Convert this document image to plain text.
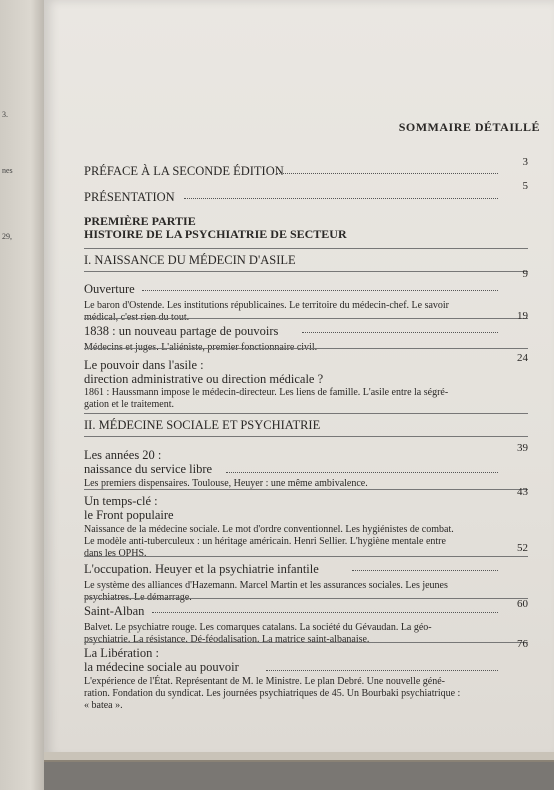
3.
nes
29,
SOMMAIRE DÉTAILLÉ
PRÉFACE À LA SECONDE ÉDITION
3
PRÉSENTATION
5
PREMIÈRE PARTIE
HISTOIRE DE LA PSYCHIATRIE DE SECTEUR
I. NAISSANCE DU MÉDECIN D'ASILE
Ouverture
9
Le baron d'Ostende. Les institutions républicaines. Le territoire du médecin-chef. Le savoir
médical, c'est rien du tout.
1838 : un nouveau partage de pouvoirs
19
Médecins et juges. L'aliéniste, premier fonctionnaire civil.
Le pouvoir dans l'asile :
direction administrative ou direction médicale ?
24
1861 : Haussmann impose le médecin-directeur. Les liens de famille. L'asile entre la ségré-
gation et le traitement.
II. MÉDECINE SOCIALE ET PSYCHIATRIE
Les années 20 :
naissance du service libre
39
Les premiers dispensaires. Toulouse, Heuyer : une même ambivalence.
Un temps-clé :
le Front populaire
43
Naissance de la médecine sociale. Le mot d'ordre conventionnel. Les hygiénistes de combat.
Le modèle anti-tuberculeux : un héritage américain. Henri Sellier. L'hygiène mentale entre
dans les OPHS.
L'occupation. Heuyer et la psychiatrie infantile
52
Le système des alliances d'Hazemann. Marcel Martin et les assurances sociales. Les jeunes
psychiatres. Le démarrage.
Saint-Alban	60
Balvet. Le psychiatre rouge. Les comarques catalans. La société du Gévaudan. La géo-
psychiatrie. La résistance. Dé-féodalisation. La matrice saint-albanaise.
La Libération :
la médecine sociale au pouvoir
76
L'expérience de l'État. Représentant de M. le Ministre. Le plan Debré. Une nouvelle géné-
ration. Fondation du syndicat. Les journées psychiatriques de 45. Un Bourbaki psychiatrique :
« batea ».
